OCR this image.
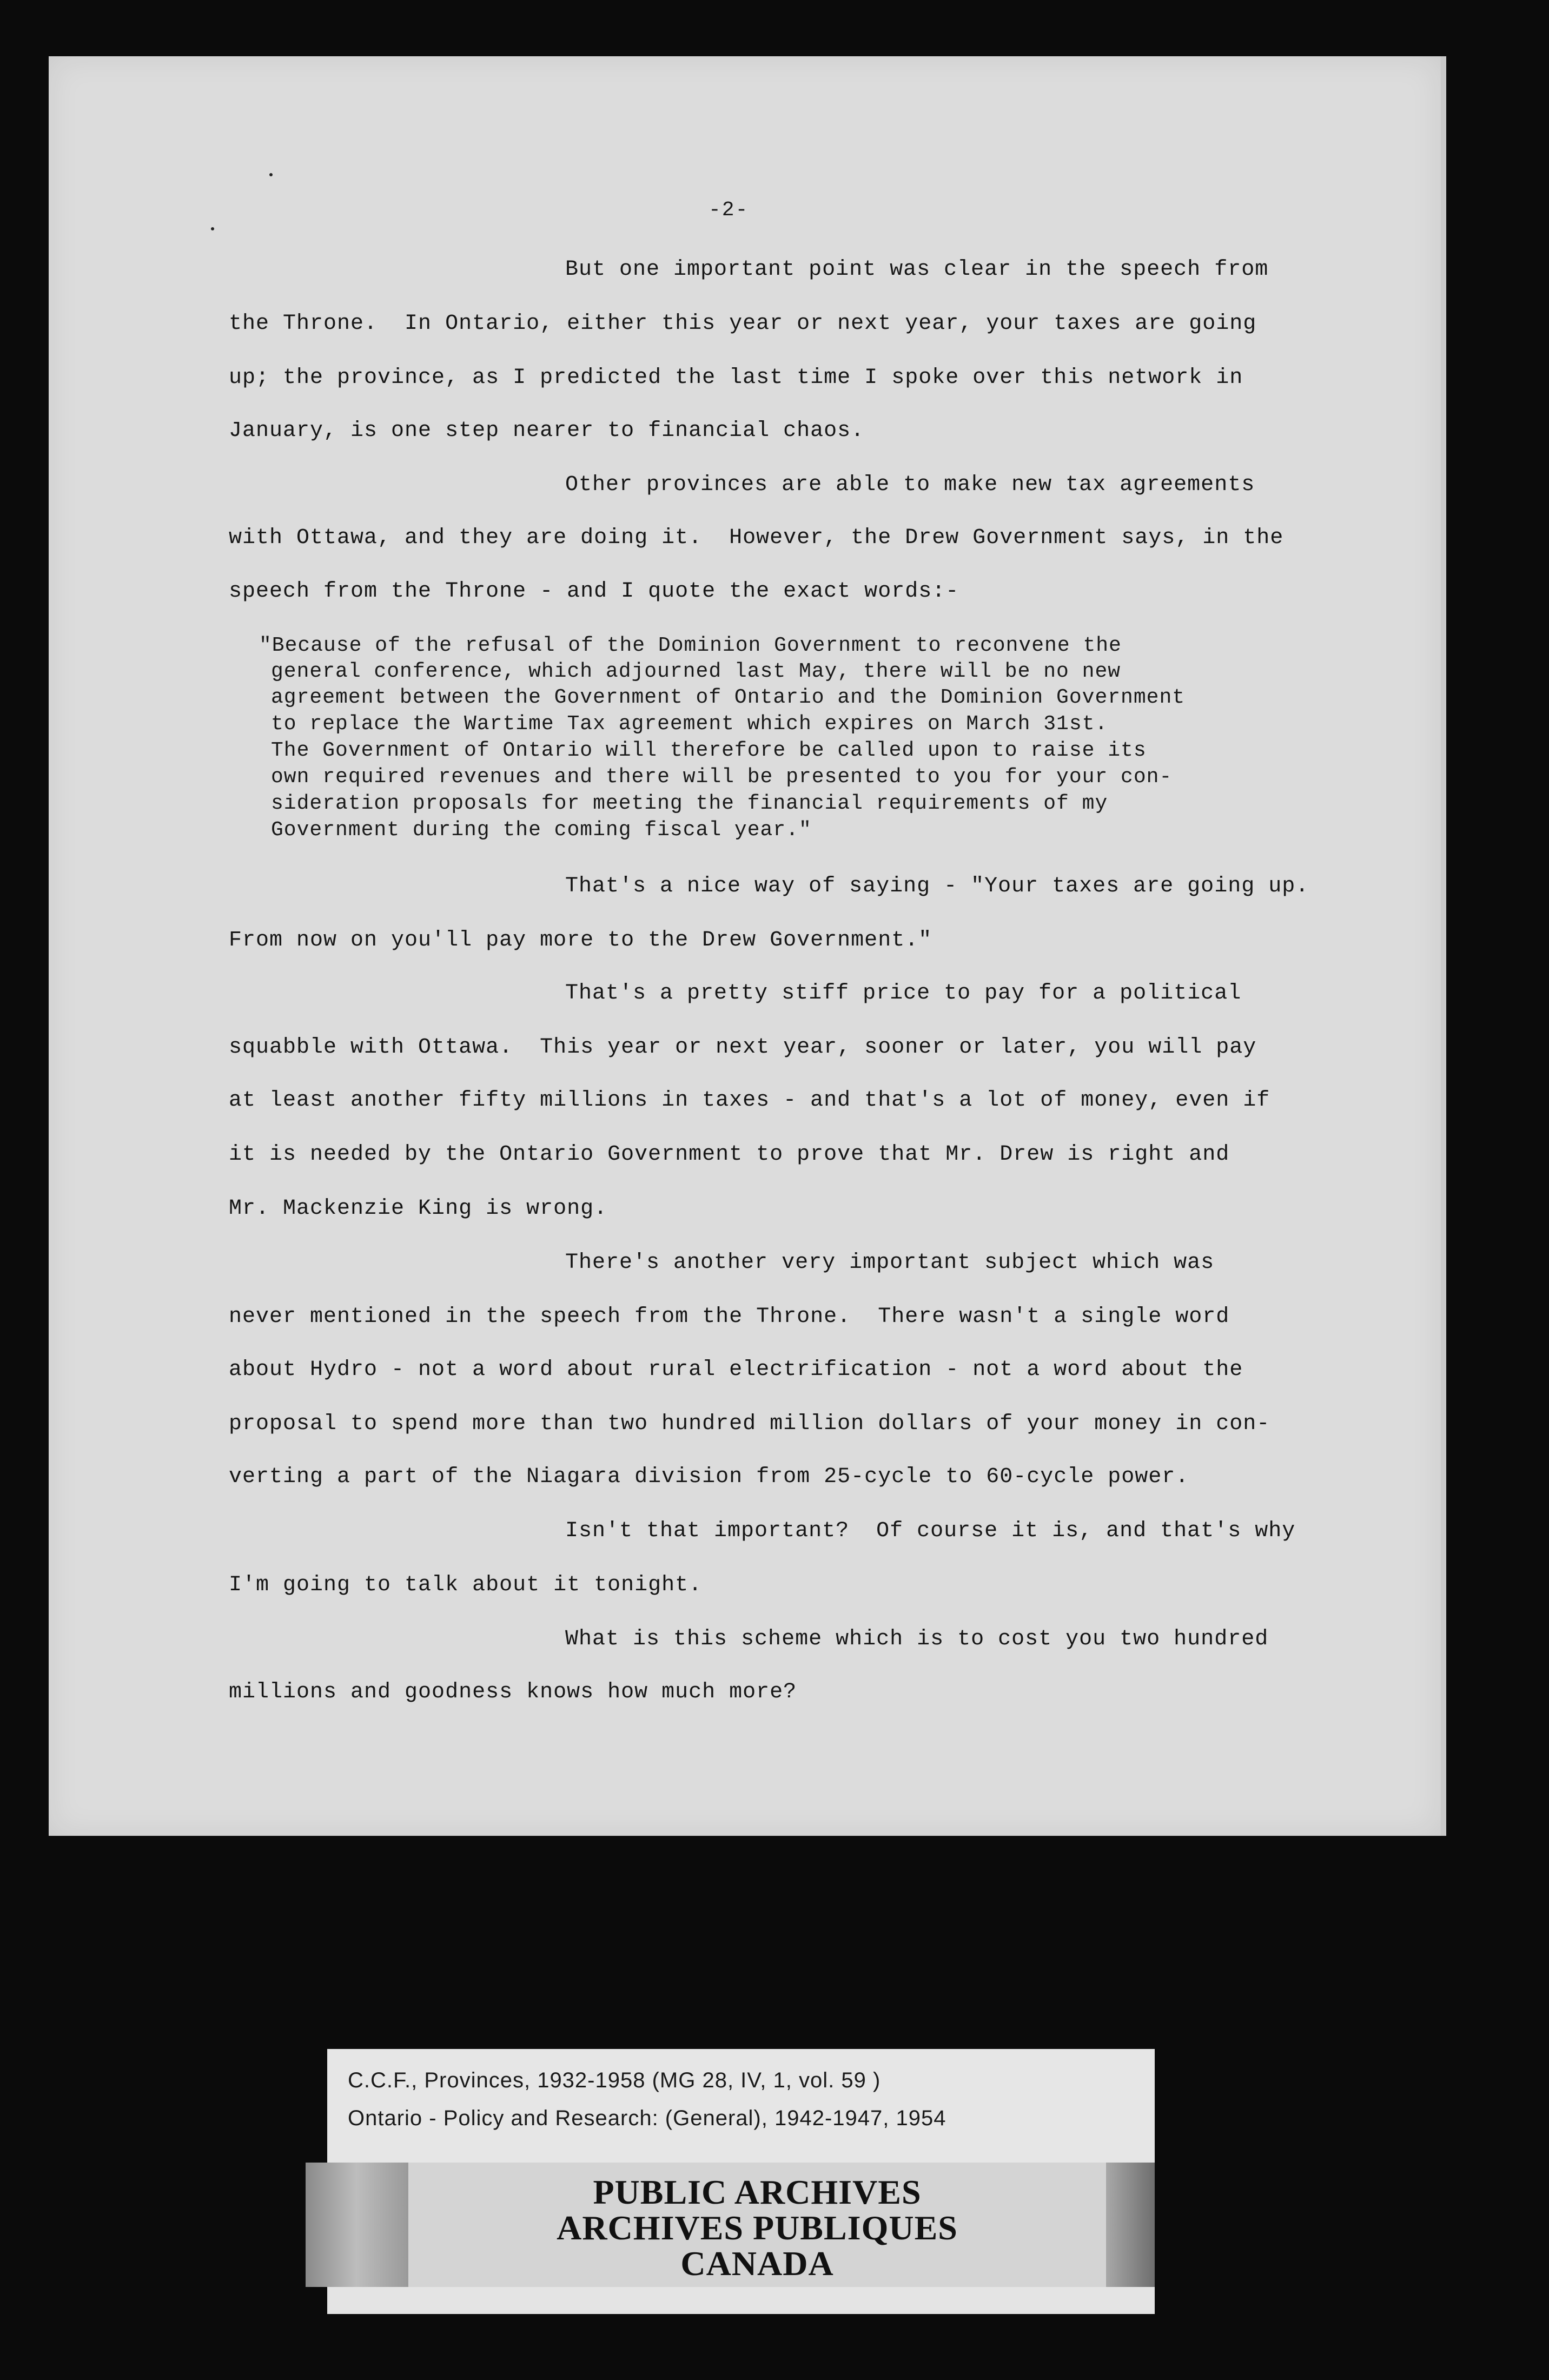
-2-
But one important point was clear in the speech from
the Throne.  In Ontario, either this year or next year, your taxes are going
up; the province, as I predicted the last time I spoke over this network in
January, is one step nearer to financial chaos.
Other provinces are able to make new tax agreements
with Ottawa, and they are doing it.  However, the Drew Government says, in the
speech from the Throne - and I quote the exact words:-
"Because of the refusal of the Dominion Government to reconvene the
general conference, which adjourned last May, there will be no new
agreement between the Government of Ontario and the Dominion Government
to replace the Wartime Tax agreement which expires on March 31st.
The Government of Ontario will therefore be called upon to raise its
own required revenues and there will be presented to you for your con-
sideration proposals for meeting the financial requirements of my
Government during the coming fiscal year."
That's a nice way of saying - "Your taxes are going up.
From now on you'll pay more to the Drew Government."
That's a pretty stiff price to pay for a political
squabble with Ottawa.  This year or next year, sooner or later, you will pay
at least another fifty millions in taxes - and that's a lot of money, even if
it is needed by the Ontario Government to prove that Mr. Drew is right and
Mr. Mackenzie King is wrong.
There's another very important subject which was
never mentioned in the speech from the Throne.  There wasn't a single word
about Hydro - not a word about rural electrification - not a word about the
proposal to spend more than two hundred million dollars of your money in con-
verting a part of the Niagara division from 25-cycle to 60-cycle power.
Isn't that important?  Of course it is, and that's why
I'm going to talk about it tonight.
What is this scheme which is to cost you two hundred
millions and goodness knows how much more?
C.C.F., Provinces, 1932-1958 (MG 28, IV, 1, vol. 59 )
Ontario - Policy and Research: (General), 1942-1947, 1954
PUBLIC ARCHIVES
ARCHIVES PUBLIQUES
CANADA
